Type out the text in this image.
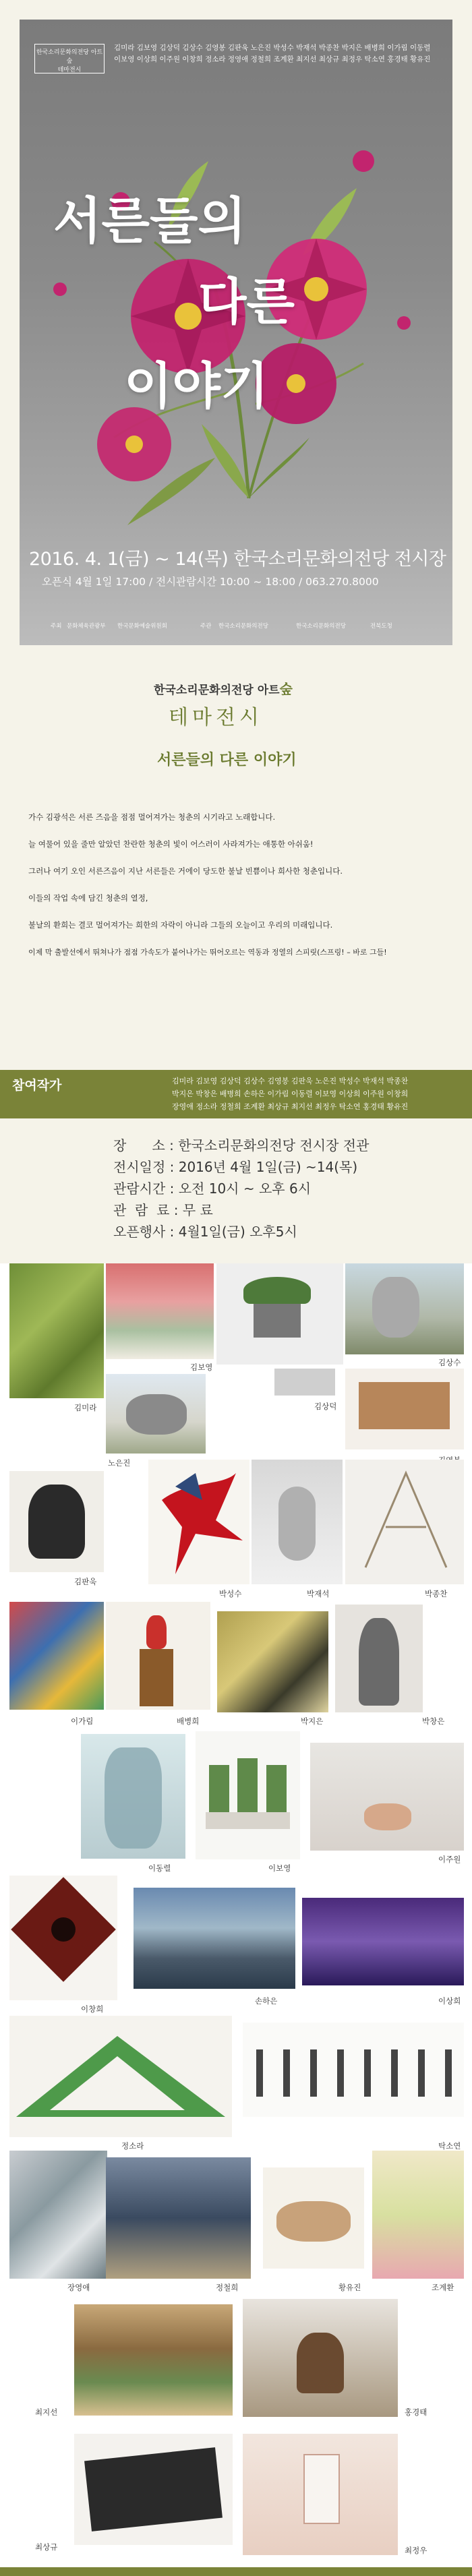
한국소리문화의전당 아트숲
테마전시
김미라 김보영 김상덕 김상수 김영봉 김판욱 노은진 박성수 박재석 박종찬 박지은 배병희 이가림 이동렬 이보영 이상희 이주원 이창희 정소라 정영애 정철희 조계환 최지선 최상규 최정우 탁소연 홍경태 황유진
서른들의
다른
이야기
2016. 4. 1(금) ~ 14(목) 한국소리문화의전당 전시장
오픈식 4월 1일 17:00 / 전시관람시간 10:00 ~ 18:00 / 063.270.8000
주최 문화체육관광부 한국문화예술위원회	주관 한국소리문화의전당	한국소리문화의전당	전북도청
한국소리문화의전당 아트숲
테마전시
서른들의 다른 이야기
가수 김광석은 서른 즈음을 점점 멀어져가는 청춘의 시기라고 노래합니다.
늘 여물어 있을 줄만 알았던 찬란한 청춘의 빛이 어스러이 사라져가는 애통한 아쉬움!
그러나 여기 오인 서른즈음이 지난 서른들은 거에이 당도한 불날 빈쁨이나 희사한 청춘입니다.
이들의 작업 속에 담긴 청춘의 열정,
불날의 환희는 결코 멀어져가는 희한의 자락이 아니라 그들의 오늘이고 우리의 미래입니다.
이제 막 출발선에서 뛰쳐나가 점점 가속도가 붙어나가는 뛰어오르는 역동과 정열의 스피릿(스프링! – 바로 그들!
참여작가	김미라 김보영 김상덕 김상수 김영봉 김판욱 노은진 박성수 박재석 박종찬
박지은 박창은 배병희 손하은 이가림 이동렬 이보영 이상희 이주원 이창희
장영애 정소라 정철희 조계환 최상규 최지선 최정우 탁소연 홍경태 황유진
장      소 : 한국소리문화의전당 전시장 전관
전시일정 : 2016년 4월 1일(금) ~14(목)
관람시간 : 오전 10시 ~ 오후 6시
관  람  료 : 무 료
오픈행사 : 4월1일(금) 오후5시
김미라
김보영
김상덕
김상수
노은진
김판욱
박성수	박재석	박종찬
이가림	배병희	박지은	박창은
이동렬	이보영
이주원
이창희
손하은	이상희
정소라	탁소연
장영애	정철희	황유진	조계환
최지선	홍경태
최상규	최정우
